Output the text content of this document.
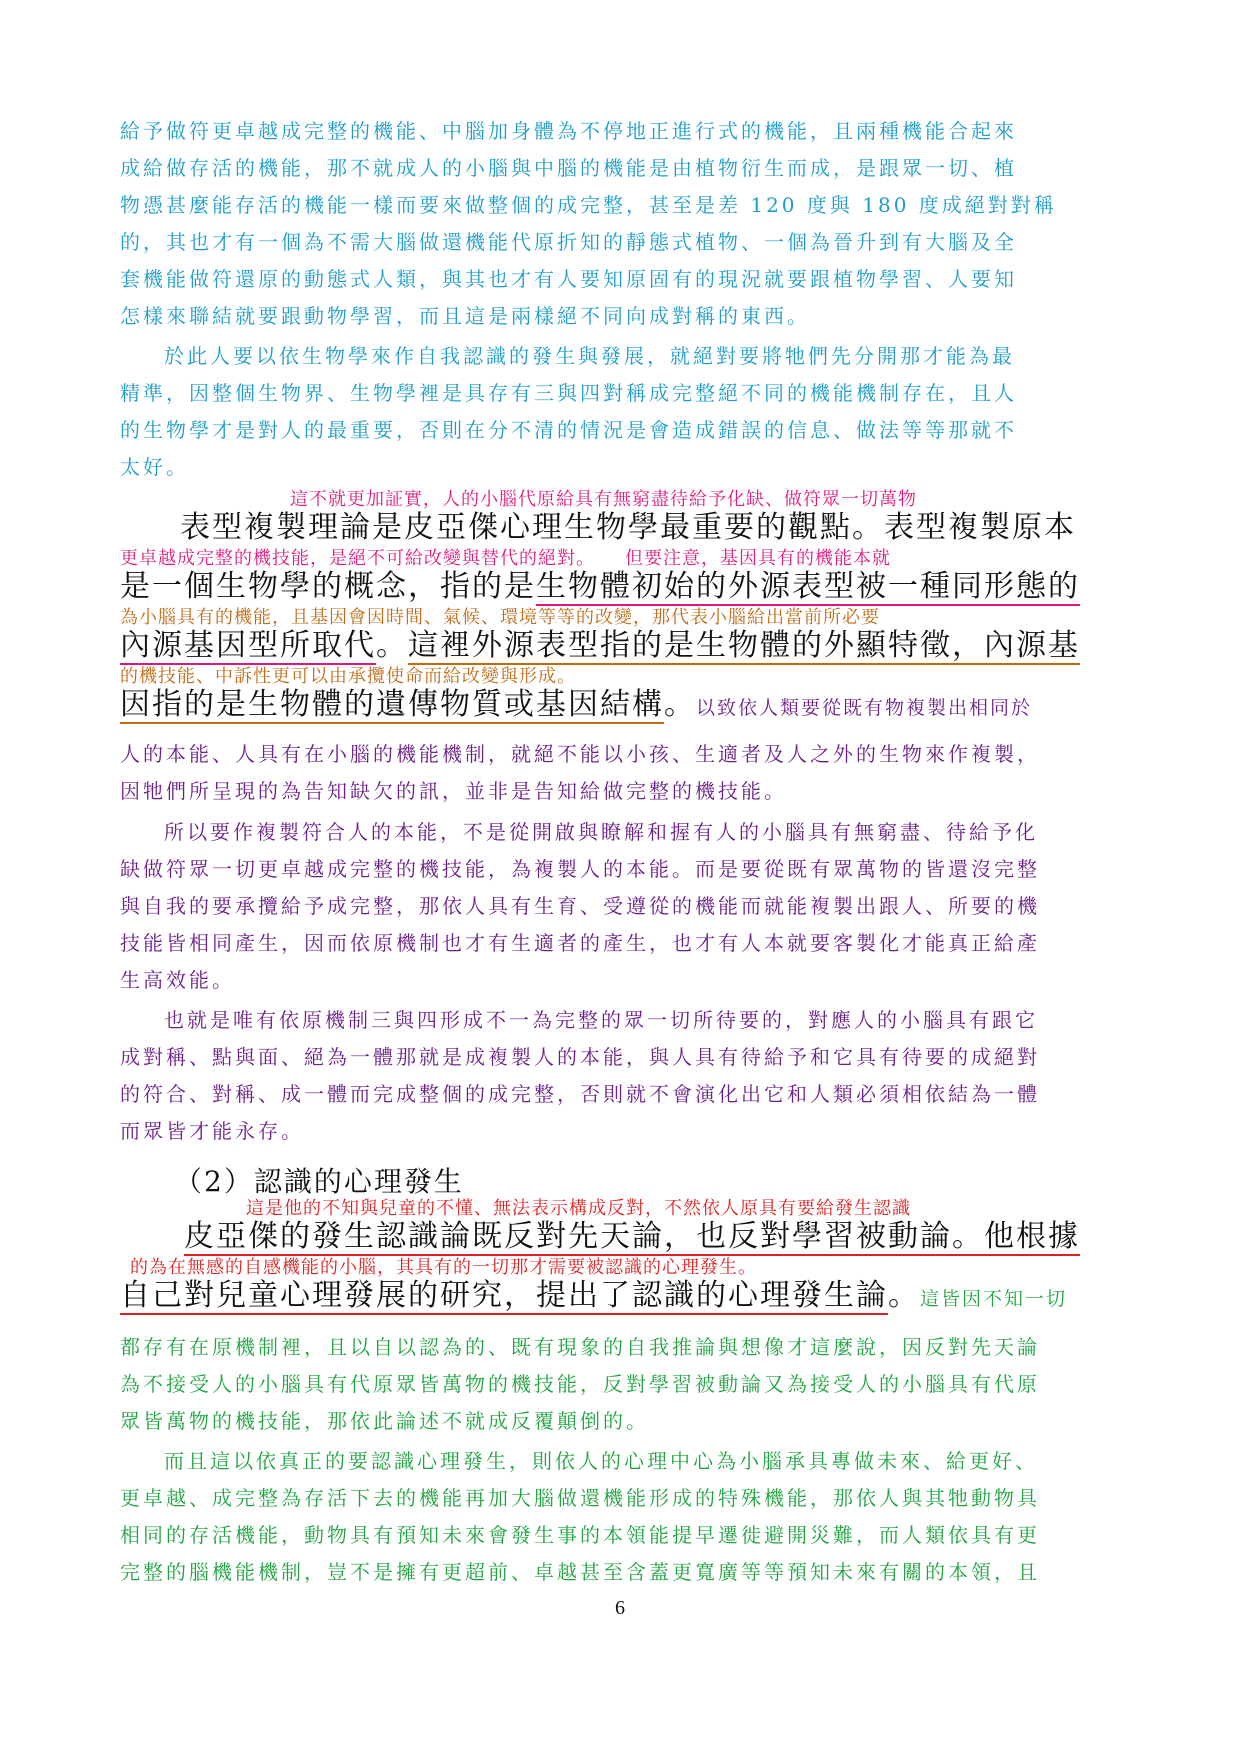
給予做符更卓越成完整的機能、中腦加身體為不停地正進行式的機能，且兩種機能合起來

成給做存活的機能，那不就成人的小腦與中腦的機能是由植物衍生而成，是跟眾一切、植

物憑甚麼能存活的機能一樣而要來做整個的成完整，甚至是差 120 度與 180 度成絕對對稱

的，其也才有一個為不需大腦做還機能代原折知的靜態式植物、一個為晉升到有大腦及全

套機能做符還原的動態式人類，與其也才有人要知原固有的現況就要跟植物學習、人要知

怎樣來聯結就要跟動物學習，而且這是兩樣絕不同向成對稱的東西。

於此人要以依生物學來作自我認識的發生與發展，就絕對要將牠們先分開那才能為最

精準，因整個生物界、生物學裡是具存有三與四對稱成完整絕不同的機能機制存在，且人

的生物學才是對人的最重要，否則在分不清的情況是會造成錯誤的信息、做法等等那就不

太好。

這不就更加証實，人的小腦代原給具有無窮盡待給予化缺、做符眾一切萬物

表型複製理論是皮亞傑心理生物學最重要的觀點。表型複製原本

更卓越成完整的機技能，是絕不可給改變與替代的絕對。 但要注意，基因具有的機能本就

是一個生物學的概念，指的是生物體初始的外源表型被一種同形態的

為小腦具有的機能，且基因會因時間、氣候、環境等等的改變，那代表小腦給出當前所必要

內源基因型所取代。這裡外源表型指的是生物體的外顯特徵，內源基

的機技能、中訴性更可以由承攬使命而給改變與形成。

因指的是生物體的遺傳物質或基因結構。以致依人類要從既有物複製出相同於

人的本能、人具有在小腦的機能機制，就絕不能以小孩、生適者及人之外的生物來作複製，

因牠們所呈現的為告知缺欠的訊，並非是告知給做完整的機技能。

所以要作複製符合人的本能，不是從開啟與瞭解和握有人的小腦具有無窮盡、待給予化

缺做符眾一切更卓越成完整的機技能，為複製人的本能。而是要從既有眾萬物的皆還沒完整

與自我的要承攬給予成完整，那依人具有生育、受遵從的機能而就能複製出跟人、所要的機

技能皆相同產生，因而依原機制也才有生適者的產生，也才有人本就要客製化才能真正給產

生高效能。

也就是唯有依原機制三與四形成不一為完整的眾一切所待要的，對應人的小腦具有跟它

成對稱、點與面、絕為一體那就是成複製人的本能，與人具有待給予和它具有待要的成絕對

的符合、對稱、成一體而完成整個的成完整，否則就不會演化出它和人類必須相依結為一體

而眾皆才能永存。

（2）認識的心理發生

這是他的不知與兒童的不懂、無法表示構成反對，不然依人原具有要給發生認識

皮亞傑的發生認識論既反對先天論，也反對學習被動論。他根據

的為在無感的自感機能的小腦，其具有的一切那才需要被認識的心理發生。

自己對兒童心理發展的研究，提出了認識的心理發生論。這皆因不知一切

都存有在原機制裡，且以自以認為的、既有現象的自我推論與想像才這麼說，因反對先天論

為不接受人的小腦具有代原眾皆萬物的機技能，反對學習被動論又為接受人的小腦具有代原

眾皆萬物的機技能，那依此論述不就成反覆顛倒的。

而且這以依真正的要認識心理發生，則依人的心理中心為小腦承具專做未來、給更好、

更卓越、成完整為存活下去的機能再加大腦做還機能形成的特殊機能，那依人與其牠動物具

相同的存活機能，動物具有預知未來會發生事的本領能提早遷徙避開災難，而人類依具有更

完整的腦機能機制，豈不是擁有更超前、卓越甚至含蓋更寬廣等等預知未來有關的本領，且

6
